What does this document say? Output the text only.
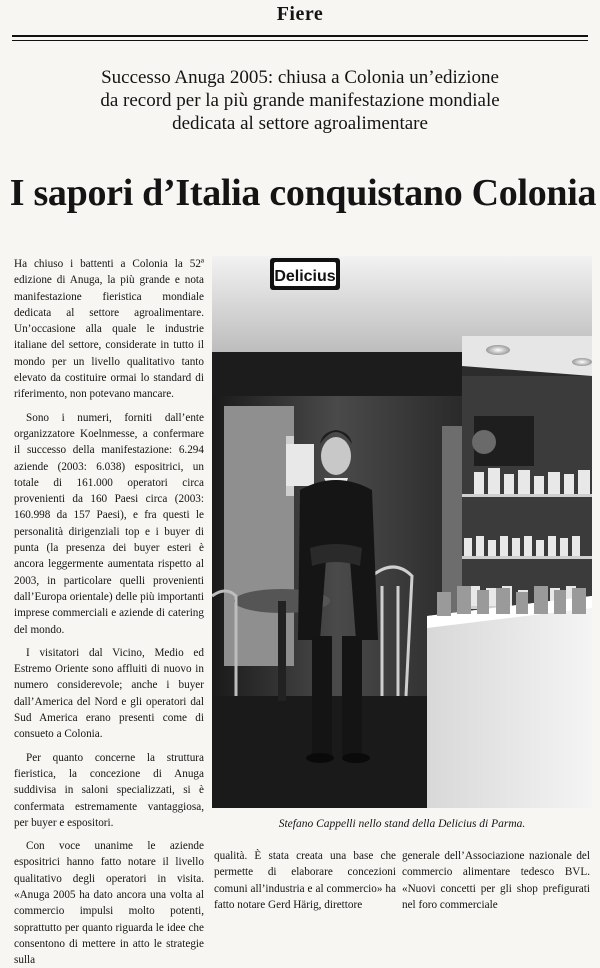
Fiere
Successo Anuga 2005: chiusa a Colonia un’edizione
da record per la più grande manifestazione mondiale
dedicata al settore agroalimentare
I sapori d’Italia conquistano Colonia

Ha chiuso i battenti a Colonia la 52ª edizione di Anuga, la più grande e nota manifestazione fieristica mondiale dedicata al settore agroalimentare. Un’occasione alla quale le industrie italiane del settore, considerate in tutto il mondo per un livello qualitativo tanto elevato da costituire ormai lo standard di riferimento, non potevano mancare.

Sono i numeri, forniti dall’ente organizzatore Koelnmesse, a confermare il successo della manifestazione: 6.294 aziende (2003: 6.038) espositrici, un totale di 161.000 operatori circa provenienti da 160 Paesi circa (2003: 160.998 da 157 Paesi), e fra questi le personalità dirigenziali top e i buyer di punta (la presenza dei buyer esteri è ancora leggermente aumentata rispetto al 2003, in particolare quelli provenienti dall’Europa orientale) delle più importanti imprese commerciali e aziende di catering del mondo.

I visitatori dal Vicino, Medio ed Estremo Oriente sono affluiti di nuovo in numero considerevole; anche i buyer dall’America del Nord e gli operatori dal Sud America erano presenti come di consueto a Colonia.

Per quanto concerne la struttura fieristica, la concezione di Anuga suddivisa in saloni specializzati, si è confermata estremamente vantaggiosa, per buyer e espositori.

Con voce unanime le aziende espositrici hanno fatto notare il livello qualitativo degli operatori in visita. «Anuga 2005 ha dato ancora una volta al commercio impulsi molto potenti, soprattutto per quanto riguarda le idee che consentono di mettere in atto le strategie sulla

Delicius
Stefano Cappelli nello stand della Delicius di Parma.

qualità. È stata creata una base che permette di elaborare concezioni comuni all’industria e al commercio» ha fatto notare Gerd Härig, direttore

generale dell’Associazione nazionale del commercio alimentare tedesco BVL. «Nuovi concetti per gli shop prefigurati nel foro commerciale
